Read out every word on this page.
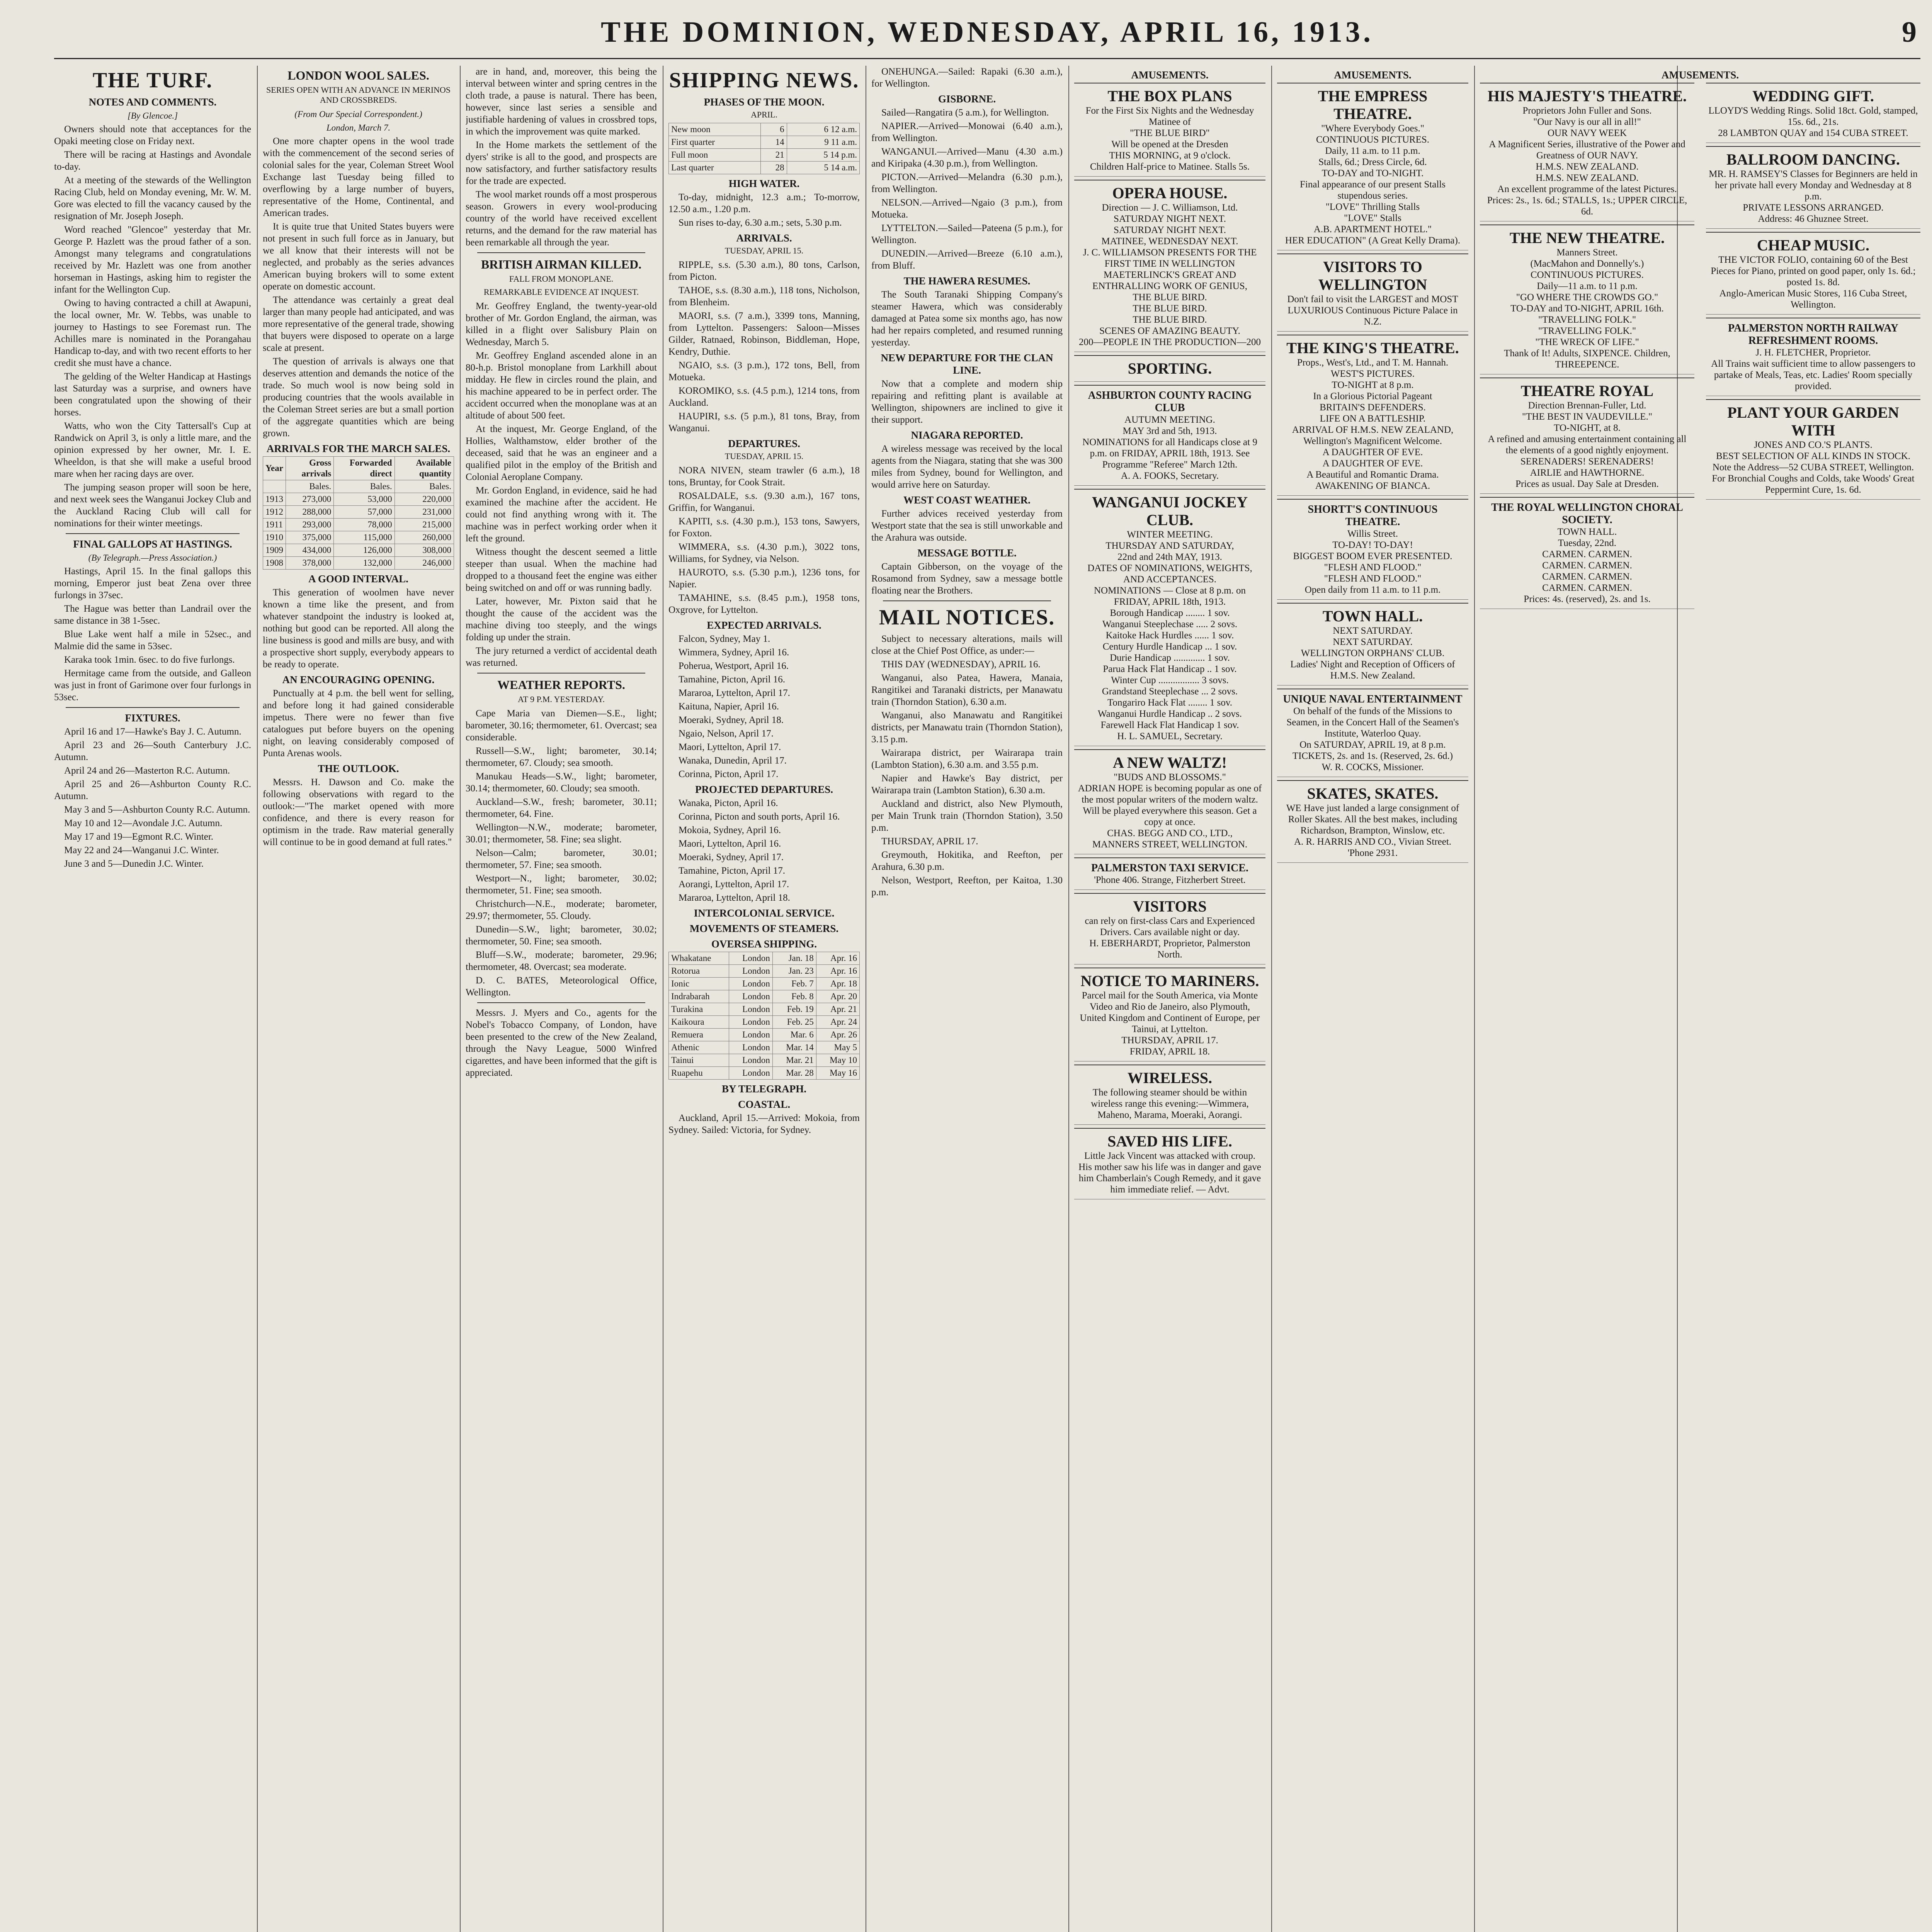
THE DOMINION, WEDNESDAY, APRIL 16, 1913.	9
THE TURF.
NOTES AND COMMENTS.
[By Glencoe.]

Owners should note that acceptances for the Opaki meeting close on Friday next.

There will be racing at Hastings and Avondale to-day.

At a meeting of the stewards of the Wellington Racing Club, held on Monday evening, Mr. W. M. Gore was elected to fill the vacancy caused by the resignation of Mr. Joseph Joseph.

Word reached "Glencoe" yesterday that Mr. George P. Hazlett was the proud father of a son. Amongst many telegrams and congratulations received by Mr. Hazlett was one from another horseman in Hastings, asking him to register the infant for the Wellington Cup.

Owing to having contracted a chill at Awapuni, the local owner, Mr. W. Tebbs, was unable to journey to Hastings to see Foremast run. The Achilles mare is nominated in the Porangahau Handicap to-day, and with two recent efforts to her credit she must have a chance.

The gelding of the Welter Handicap at Hastings last Saturday was a surprise, and owners have been congratulated upon the showing of their horses.

Watts, who won the City Tattersall's Cup at Randwick on April 3, is only a little mare, and the opinion expressed by her owner, Mr. I. E. Wheeldon, is that she will make a useful brood mare when her racing days are over.

The jumping season proper will soon be here, and next week sees the Wanganui Jockey Club and the Auckland Racing Club will call for nominations for their winter meetings.

FINAL GALLOPS AT HASTINGS.
(By Telegraph.—Press Association.)

Hastings, April 15. In the final gallops this morning, Emperor just beat Zena over three furlongs in 37sec.

The Hague was better than Landrail over the same distance in 38 1-5sec.

Blue Lake went half a mile in 52sec., and Malmie did the same in 53sec.

Karaka took 1min. 6sec. to do five furlongs.

Hermitage came from the outside, and Galleon was just in front of Garimone over four furlongs in 53sec.

FIXTURES.

April 16 and 17—Hawke's Bay J. C. Autumn.

April 23 and 26—South Canterbury J.C. Autumn.

April 24 and 26—Masterton R.C. Autumn.

April 25 and 26—Ashburton County R.C. Autumn.

May 3 and 5—Ashburton County R.C. Autumn.

May 10 and 12—Avondale J.C. Autumn.

May 17 and 19—Egmont R.C. Winter.

May 22 and 24—Wanganui J.C. Winter.

June 3 and 5—Dunedin J.C. Winter.

LONDON WOOL SALES.
SERIES OPEN WITH AN ADVANCE IN MERINOS AND CROSSBREDS.
(From Our Special Correspondent.)
London, March 7.

One more chapter opens in the wool trade with the commencement of the second series of colonial sales for the year, Coleman Street Wool Exchange last Tuesday being filled to overflowing by a large number of buyers, representative of the Home, Continental, and American trades.

It is quite true that United States buyers were not present in such full force as in January, but we all know that their interests will not be neglected, and probably as the series advances American buying brokers will to some extent operate on domestic account.

The attendance was certainly a great deal larger than many people had anticipated, and was more representative of the general trade, showing that buyers were disposed to operate on a large scale at present.

The question of arrivals is always one that deserves attention and demands the notice of the trade. So much wool is now being sold in producing countries that the wools available in the Coleman Street series are but a small portion of the aggregate quantities which are being grown.

ARRIVALS FOR THE MARCH SALES.
Year	Gross arrivals	Forwarded direct	Available quantity
	Bales.	Bales.	Bales.
1913	273,000	53,000	220,000
1912	288,000	57,000	231,000
1911	293,000	78,000	215,000
1910	375,000	115,000	260,000
1909	434,000	126,000	308,000
1908	378,000	132,000	246,000
A GOOD INTERVAL.

This generation of woolmen have never known a time like the present, and from whatever standpoint the industry is looked at, nothing but good can be reported. All along the line business is good and mills are busy, and with a prospective short supply, everybody appears to be ready to operate.

AN ENCOURAGING OPENING.

Punctually at 4 p.m. the bell went for selling, and before long it had gained considerable impetus. There were no fewer than five catalogues put before buyers on the opening night, on leaving considerably composed of Punta Arenas wools.

THE OUTLOOK.

Messrs. H. Dawson and Co. make the following observations with regard to the outlook:—"The market opened with more confidence, and there is every reason for optimism in the trade. Raw material generally will continue to be in good demand at full rates."

are in hand, and, moreover, this being the interval between winter and spring centres in the cloth trade, a pause is natural. There has been, however, since last series a sensible and justifiable hardening of values in crossbred tops, in which the improvement was quite marked.

In the Home markets the settlement of the dyers' strike is all to the good, and prospects are now satisfactory, and further satisfactory results for the trade are expected.

The wool market rounds off a most prosperous season. Growers in every wool-producing country of the world have received excellent returns, and the demand for the raw material has been remarkable all through the year.

BRITISH AIRMAN KILLED.
FALL FROM MONOPLANE.
REMARKABLE EVIDENCE AT INQUEST.

Mr. Geoffrey England, the twenty-year-old brother of Mr. Gordon England, the airman, was killed in a flight over Salisbury Plain on Wednesday, March 5.

Mr. Geoffrey England ascended alone in an 80-h.p. Bristol monoplane from Larkhill about midday. He flew in circles round the plain, and his machine appeared to be in perfect order. The accident occurred when the monoplane was at an altitude of about 500 feet.

At the inquest, Mr. George England, of the Hollies, Walthamstow, elder brother of the deceased, said that he was an engineer and a qualified pilot in the employ of the British and Colonial Aeroplane Company.

Mr. Gordon England, in evidence, said he had examined the machine after the accident. He could not find anything wrong with it. The machine was in perfect working order when it left the ground.

Witness thought the descent seemed a little steeper than usual. When the machine had dropped to a thousand feet the engine was either being switched on and off or was running badly.

Later, however, Mr. Pixton said that he thought the cause of the accident was the machine diving too steeply, and the wings folding up under the strain.

The jury returned a verdict of accidental death was returned.

WEATHER REPORTS.
AT 9 P.M. YESTERDAY.

Cape Maria van Diemen—S.E., light; barometer, 30.16; thermometer, 61. Overcast; sea considerable.

Russell—S.W., light; barometer, 30.14; thermometer, 67. Cloudy; sea smooth.

Manukau Heads—S.W., light; barometer, 30.14; thermometer, 60. Cloudy; sea smooth.

Auckland—S.W., fresh; barometer, 30.11; thermometer, 64. Fine.

Wellington—N.W., moderate; barometer, 30.01; thermometer, 58. Fine; sea slight.

Nelson—Calm; barometer, 30.01; thermometer, 57. Fine; sea smooth.

Westport—N., light; barometer, 30.02; thermometer, 51. Fine; sea smooth.

Christchurch—N.E., moderate; barometer, 29.97; thermometer, 55. Cloudy.

Dunedin—S.W., light; barometer, 30.02; thermometer, 50. Fine; sea smooth.

Bluff—S.W., moderate; barometer, 29.96; thermometer, 48. Overcast; sea moderate.

D. C. BATES, Meteorological Office, Wellington.

Messrs. J. Myers and Co., agents for the Nobel's Tobacco Company, of London, have been presented to the crew of the New Zealand, through the Navy League, 5000 Winfred cigarettes, and have been informed that the gift is appreciated.

SHIPPING NEWS.
PHASES OF THE MOON.
APRIL.
New moon	6	6 12 a.m.
First quarter	14	9 11 a.m.
Full moon	21	5 14 p.m.
Last quarter	28	5 14 a.m.
HIGH WATER.

To-day, midnight, 12.3 a.m.; To-morrow, 12.50 a.m., 1.20 p.m.

Sun rises to-day, 6.30 a.m.; sets, 5.30 p.m.

ARRIVALS.
TUESDAY, APRIL 15.

RIPPLE, s.s. (5.30 a.m.), 80 tons, Carlson, from Picton.

TAHOE, s.s. (8.30 a.m.), 118 tons, Nicholson, from Blenheim.

MAORI, s.s. (7 a.m.), 3399 tons, Manning, from Lyttelton. Passengers: Saloon—Misses Gilder, Ratnaed, Robinson, Biddleman, Hope, Kendry, Duthie.

NGAIO, s.s. (3 p.m.), 172 tons, Bell, from Motueka.

KOROMIKO, s.s. (4.5 p.m.), 1214 tons, from Auckland.

HAUPIRI, s.s. (5 p.m.), 81 tons, Bray, from Wanganui.

DEPARTURES.
TUESDAY, APRIL 15.

NORA NIVEN, steam trawler (6 a.m.), 18 tons, Bruntay, for Cook Strait.

ROSALDALE, s.s. (9.30 a.m.), 167 tons, Griffin, for Wanganui.

KAPITI, s.s. (4.30 p.m.), 153 tons, Sawyers, for Foxton.

WIMMERA, s.s. (4.30 p.m.), 3022 tons, Williams, for Sydney, via Nelson.

HAUROTO, s.s. (5.30 p.m.), 1236 tons, for Napier.

TAMAHINE, s.s. (8.45 p.m.), 1958 tons, Oxgrove, for Lyttelton.

EXPECTED ARRIVALS.

Falcon, Sydney, May 1.

Wimmera, Sydney, April 16.

Poherua, Westport, April 16.

Tamahine, Picton, April 16.

Mararoa, Lyttelton, April 17.

Kaituna, Napier, April 16.

Moeraki, Sydney, April 18.

Ngaio, Nelson, April 17.

Maori, Lyttelton, April 17.

Wanaka, Dunedin, April 17.

Corinna, Picton, April 17.

PROJECTED DEPARTURES.

Wanaka, Picton, April 16.

Corinna, Picton and south ports, April 16.

Mokoia, Sydney, April 16.

Maori, Lyttelton, April 16.

Moeraki, Sydney, April 17.

Tamahine, Picton, April 17.

Aorangi, Lyttelton, April 17.

Mararoa, Lyttelton, April 18.

INTERCOLONIAL SERVICE.
MOVEMENTS OF STEAMERS.
OVERSEA SHIPPING.
Whakatane	London	Jan. 18	Apr. 16
Rotorua	London	Jan. 23	Apr. 16
Ionic	London	Feb. 7	Apr. 18
Indrabarah	London	Feb. 8	Apr. 20
Turakina	London	Feb. 19	Apr. 21
Kaikoura	London	Feb. 25	Apr. 24
Remuera	London	Mar. 6	Apr. 26
Athenic	London	Mar. 14	May 5
Tainui	London	Mar. 21	May 10
Ruapehu	London	Mar. 28	May 16
BY TELEGRAPH.
COASTAL.

Auckland, April 15.—Arrived: Mokoia, from Sydney. Sailed: Victoria, for Sydney.

ONEHUNGA.—Sailed: Rapaki (6.30 a.m.), for Wellington.

GISBORNE.

Sailed—Rangatira (5 a.m.), for Wellington.

NAPIER.—Arrived—Monowai (6.40 a.m.), from Wellington.

WANGANUI.—Arrived—Manu (4.30 a.m.) and Kiripaka (4.30 p.m.), from Wellington.

PICTON.—Arrived—Melandra (6.30 p.m.), from Wellington.

NELSON.—Arrived—Ngaio (3 p.m.), from Motueka.

LYTTELTON.—Sailed—Pateena (5 p.m.), for Wellington.

DUNEDIN.—Arrived—Breeze (6.10 a.m.), from Bluff.

THE HAWERA RESUMES.

The South Taranaki Shipping Company's steamer Hawera, which was considerably damaged at Patea some six months ago, has now had her repairs completed, and resumed running yesterday.

NEW DEPARTURE FOR THE CLAN LINE.

Now that a complete and modern ship repairing and refitting plant is available at Wellington, shipowners are inclined to give it their support.

NIAGARA REPORTED.

A wireless message was received by the local agents from the Niagara, stating that she was 300 miles from Sydney, bound for Wellington, and would arrive here on Saturday.

WEST COAST WEATHER.

Further advices received yesterday from Westport state that the sea is still unworkable and the Arahura was outside.

MESSAGE BOTTLE.

Captain Gibberson, on the voyage of the Rosamond from Sydney, saw a message bottle floating near the Brothers.

MAIL NOTICES.

Subject to necessary alterations, mails will close at the Chief Post Office, as under:—

THIS DAY (WEDNESDAY), APRIL 16.

Wanganui, also Patea, Hawera, Manaia, Rangitikei and Taranaki districts, per Manawatu train (Thorndon Station), 6.30 a.m.

Wanganui, also Manawatu and Rangitikei districts, per Manawatu train (Thorndon Station), 3.15 p.m.

Wairarapa district, per Wairarapa train (Lambton Station), 6.30 a.m. and 3.55 p.m.

Napier and Hawke's Bay district, per Wairarapa train (Lambton Station), 6.30 a.m.

Auckland and district, also New Plymouth, per Main Trunk train (Thorndon Station), 3.50 p.m.

THURSDAY, APRIL 17.

Greymouth, Hokitika, and Reefton, per Arahura, 6.30 p.m.

Nelson, Westport, Reefton, per Kaitoa, 1.30 p.m.

AMUSEMENTS.
THE BOX PLANS
For the First Six Nights and the Wednesday Matinee of
"THE BLUE BIRD"
Will be opened at the Dresden
THIS MORNING, at 9 o'clock.
Children Half-price to Matinee. Stalls 5s.
OPERA HOUSE.
Direction — J. C. Williamson, Ltd.
SATURDAY NIGHT NEXT.
SATURDAY NIGHT NEXT.
MATINEE, WEDNESDAY NEXT.
J. C. WILLIAMSON PRESENTS FOR THE FIRST TIME IN WELLINGTON
MAETERLINCK'S GREAT AND ENTHRALLING WORK OF GENIUS,
THE BLUE BIRD.
THE BLUE BIRD.
THE BLUE BIRD.
SCENES OF AMAZING BEAUTY.
200—PEOPLE IN THE PRODUCTION—200
SPORTING.
ASHBURTON COUNTY RACING CLUB
AUTUMN MEETING.
MAY 3rd and 5th, 1913.
NOMINATIONS for all Handicaps close at 9 p.m. on FRIDAY, APRIL 18th, 1913. See Programme "Referee" March 12th.
A. A. FOOKS, Secretary.
WANGANUI JOCKEY CLUB.
WINTER MEETING.
THURSDAY AND SATURDAY,
22nd and 24th MAY, 1913.
DATES OF NOMINATIONS, WEIGHTS, AND ACCEPTANCES.
NOMINATIONS — Close at 8 p.m. on FRIDAY, APRIL 18th, 1913.
Borough Handicap ........ 1 sov.
Wanganui Steeplechase ..... 2 sovs.
Kaitoke Hack Hurdles ...... 1 sov.
Century Hurdle Handicap ... 1 sov.
Durie Handicap ............. 1 sov.
Parua Hack Flat Handicap .. 1 sov.
Winter Cup ................. 3 sovs.
Grandstand Steeplechase ... 2 sovs.
Tongariro Hack Flat ........ 1 sov.
Wanganui Hurdle Handicap .. 2 sovs.
Farewell Hack Flat Handicap 1 sov.
H. L. SAMUEL, Secretary.
A NEW WALTZ!
"BUDS AND BLOSSOMS."
ADRIAN HOPE is becoming popular as one of the most popular writers of the modern waltz.
Will be played everywhere this season. Get a copy at once.
CHAS. BEGG AND CO., LTD.,
MANNERS STREET, WELLINGTON.
PALMERSTON TAXI SERVICE.
'Phone 406. Strange, Fitzherbert Street.
VISITORS
can rely on first-class Cars and Experienced Drivers. Cars available night or day.
H. EBERHARDT, Proprietor, Palmerston North.
NOTICE TO MARINERS.
Parcel mail for the South America, via Monte Video and Rio de Janeiro, also Plymouth, United Kingdom and Continent of Europe, per Tainui, at Lyttelton.
THURSDAY, APRIL 17.
FRIDAY, APRIL 18.
WIRELESS.
The following steamer should be within wireless range this evening:—Wimmera, Maheno, Marama, Moeraki, Aorangi.
SAVED HIS LIFE.
Little Jack Vincent was attacked with croup. His mother saw his life was in danger and gave him Chamberlain's Cough Remedy, and it gave him immediate relief. — Advt.
AMUSEMENTS.
THE EMPRESS THEATRE.
"Where Everybody Goes."
CONTINUOUS PICTURES.
Daily, 11 a.m. to 11 p.m.
Stalls, 6d.; Dress Circle, 6d.
TO-DAY and TO-NIGHT.
Final appearance of our present Stalls stupendous series.
"LOVE" Thrilling Stalls
"LOVE" Stalls
A.B. APARTMENT HOTEL."
HER EDUCATION" (A Great Kelly Drama).
VISITORS TO WELLINGTON
Don't fail to visit the LARGEST and MOST LUXURIOUS Continuous Picture Palace in N.Z.
THE KING'S THEATRE.
Props., West's, Ltd., and T. M. Hannah.
WEST'S PICTURES.
TO-NIGHT at 8 p.m.
In a Glorious Pictorial Pageant
BRITAIN'S DEFENDERS.
LIFE ON A BATTLESHIP.
ARRIVAL OF H.M.S. NEW ZEALAND,
Wellington's Magnificent Welcome.
A DAUGHTER OF EVE.
A DAUGHTER OF EVE.
A Beautiful and Romantic Drama.
AWAKENING OF BIANCA.
SHORTT'S CONTINUOUS THEATRE.
Willis Street.
TO-DAY! TO-DAY!
BIGGEST BOOM EVER PRESENTED.
"FLESH AND FLOOD."
"FLESH AND FLOOD."
Open daily from 11 a.m. to 11 p.m.
TOWN HALL.
NEXT SATURDAY.
NEXT SATURDAY.
WELLINGTON ORPHANS' CLUB.
Ladies' Night and Reception of Officers of H.M.S. New Zealand.
UNIQUE NAVAL ENTERTAINMENT
On behalf of the funds of the Missions to Seamen, in the Concert Hall of the Seamen's Institute, Waterloo Quay.
On SATURDAY, APRIL 19, at 8 p.m.
TICKETS, 2s. and 1s. (Reserved, 2s. 6d.)
W. R. COCKS, Missioner.
SKATES, SKATES.
WE Have just landed a large consignment of Roller Skates. All the best makes, including Richardson, Brampton, Winslow, etc.
A. R. HARRIS AND CO., Vivian Street.
'Phone 2931.
AMUSEMENTS.
HIS MAJESTY'S THEATRE.
Proprietors John Fuller and Sons.
"Our Navy is our all in all!"
OUR NAVY WEEK
A Magnificent Series, illustrative of the Power and Greatness of OUR NAVY.
H.M.S. NEW ZEALAND.
H.M.S. NEW ZEALAND.
An excellent programme of the latest Pictures.
Prices: 2s., 1s. 6d.; STALLS, 1s.; UPPER CIRCLE, 6d.
THE NEW THEATRE.
Manners Street.
(MacMahon and Donnelly's.)
CONTINUOUS PICTURES.
Daily—11 a.m. to 11 p.m.
"GO WHERE THE CROWDS GO."
TO-DAY and TO-NIGHT, APRIL 16th.
"TRAVELLING FOLK."
"TRAVELLING FOLK."
"THE WRECK OF LIFE."
Thank of It! Adults, SIXPENCE. Children, THREEPENCE.
THEATRE ROYAL
Direction Brennan-Fuller, Ltd.
"THE BEST IN VAUDEVILLE."
TO-NIGHT, at 8.
A refined and amusing entertainment containing all the elements of a good nightly enjoyment.
SERENADERS! SERENADERS!
AIRLIE and HAWTHORNE.
Prices as usual. Day Sale at Dresden.
THE ROYAL WELLINGTON CHORAL SOCIETY.
TOWN HALL.
Tuesday, 22nd.
CARMEN. CARMEN.
CARMEN. CARMEN.
CARMEN. CARMEN.
CARMEN. CARMEN.
Prices: 4s. (reserved), 2s. and 1s.
WEDDING GIFT.
LLOYD'S Wedding Rings. Solid 18ct. Gold, stamped, 15s. 6d., 21s.
28 LAMBTON QUAY and 154 CUBA STREET.
BALLROOM DANCING.
MR. H. RAMSEY'S Classes for Beginners are held in her private hall every Monday and Wednesday at 8 p.m.
PRIVATE LESSONS ARRANGED.
Address: 46 Ghuznee Street.
CHEAP MUSIC.
THE VICTOR FOLIO, containing 60 of the Best Pieces for Piano, printed on good paper, only 1s. 6d.; posted 1s. 8d.
Anglo-American Music Stores, 116 Cuba Street, Wellington.
PALMERSTON NORTH RAILWAY REFRESHMENT ROOMS.
J. H. FLETCHER, Proprietor.
All Trains wait sufficient time to allow passengers to partake of Meals, Teas, etc. Ladies' Room specially provided.
PLANT YOUR GARDEN WITH
JONES AND CO.'S PLANTS.
BEST SELECTION OF ALL KINDS IN STOCK.
Note the Address—52 CUBA STREET, Wellington.
For Bronchial Coughs and Colds, take Woods' Great Peppermint Cure, 1s. 6d.
